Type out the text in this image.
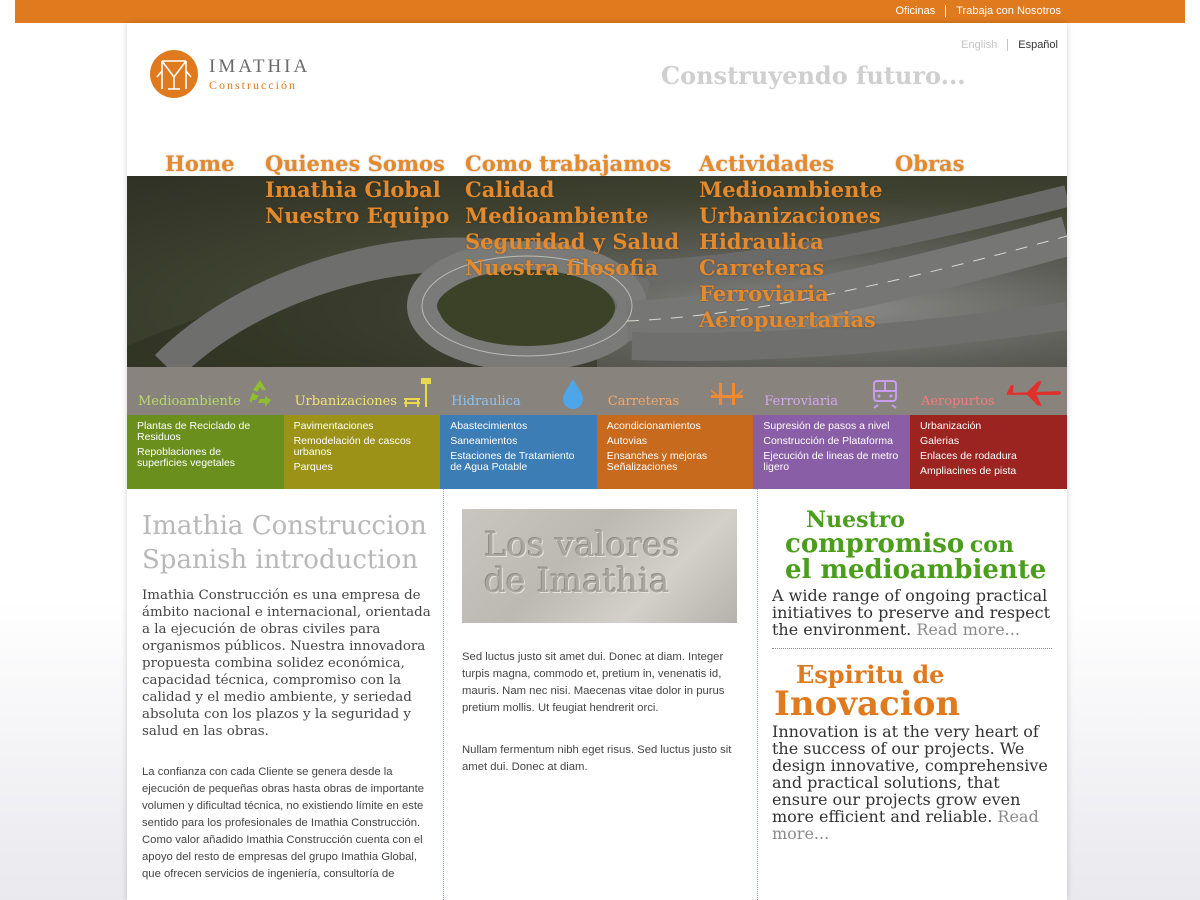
Oficinas Trabaja con Nosotros
IMATHIA
Construcción
English Español
Construyendo futuro...
Home Quienes Somos
Imathia Global
Nuestro Equipo
Como trabajamos
Calidad
Medioambiente
Seguridad y Salud
Nuestra filosofia
Actividades
Medioambiente
Urbanizaciones
Hidraulica
Carreteras
Ferroviaria
Aeropuertarias
Obras
Medioambiente
Plantas de Reciclado de Residuos
Repoblaciones de superficies vegetales
Urbanizaciones
Pavimentaciones
Remodelación de cascos urbanos
Parques
Hidraulica
Abastecimientos
Saneamientos
Estaciones de Tratamiento de Agua Potable
Carreteras
Acondicionamientos
Autovias
Ensanches y mejoras Señalizaciones
Ferroviaria
Supresión de pasos a nivel
Construcción de Plataforma
Ejecución de lineas de metro ligero
Aeropurtos
Urbanización
Galerias
Enlaces de rodadura
Ampliacines de pista
Imathia Construccion
Spanish introduction
Imathia Construcción es una empresa de ámbito nacional e internacional, orientada a la ejecución de obras civiles para organismos públicos. Nuestra innovadora propuesta combina solidez económica, capacidad técnica, compromiso con la calidad y el medio ambiente, y seriedad absoluta con los plazos y la seguridad y salud en las obras.
La confianza con cada Cliente se genera desde la ejecución de pequeñas obras hasta obras de importante volumen y dificultad técnica, no existiendo límite en este sentido para los profesionales de Imathia Construcción. Como valor añadido Imathia Construcción cuenta con el apoyo del resto de empresas del grupo Imathia Global, que ofrecen servicios de ingeniería, consultoría de
Los valores
de Imathia
Sed luctus justo sit amet dui. Donec at diam. Integer turpis magna, commodo et, pretium in, venenatis id, mauris. Nam nec nisi. Maecenas vitae dolor in purus pretium mollis. Ut feugiat hendrerit orci.
Nullam fermentum nibh eget risus. Sed luctus justo sit amet dui. Donec at diam.
Nuestro
compromiso con
el medioambiente
A wide range of ongoing practical initiatives to preserve and respect the environment. Read more...
Espiritu de
Inovacion
Innovation is at the very heart of the success of our projects. We design innovative, comprehensive and practical solutions, that ensure our projects grow even more efficient and reliable. Read more...
